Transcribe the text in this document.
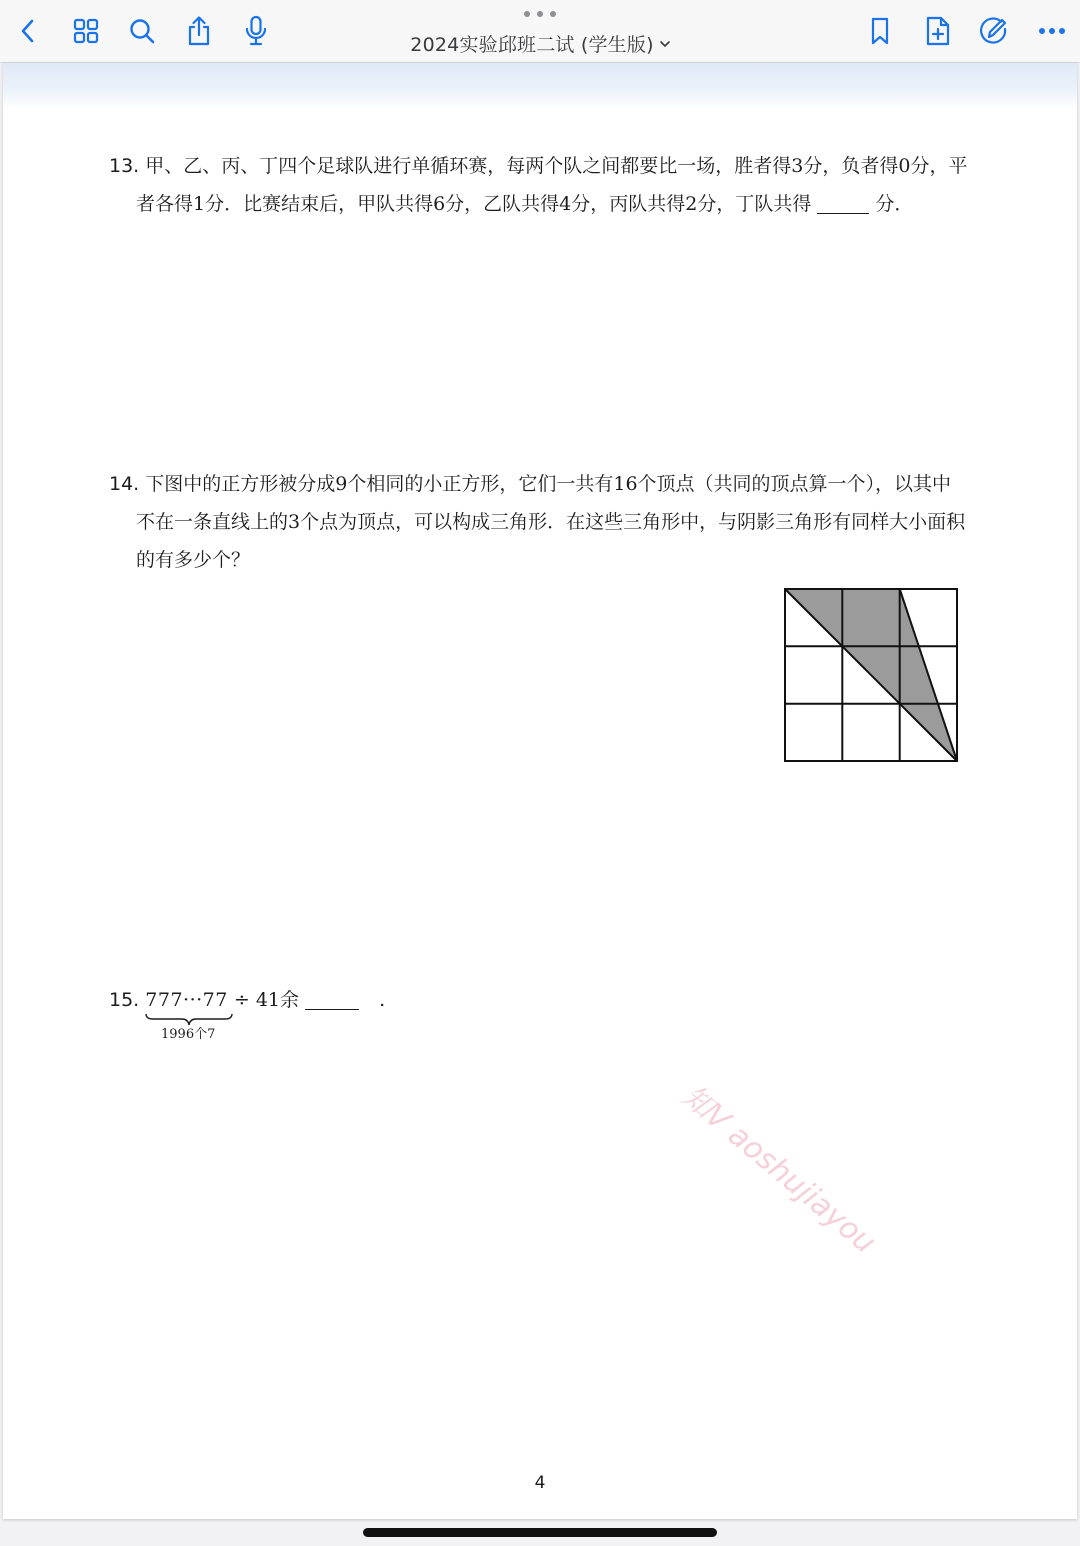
2024实验邱班二试 (学生版)
13. 甲、乙、丙、丁四个足球队进行单循环赛，每两个队之间都要比一场，胜者得3分，负者得0分，平
者各得1分．比赛结束后，甲队共得6分，乙队共得4分，丙队共得2分，丁队共得	分．
14. 下图中的正方形被分成9个相同的小正方形，它们一共有16个顶点（共同的顶点算一个），以其中
不在一条直线上的3个点为顶点，可以构成三角形．在这些三角形中，与阴影三角形有同样大小面积
的有多少个？
15. 777···77 ÷ 41余	.
1996个7
知V aoshujiayou
4
